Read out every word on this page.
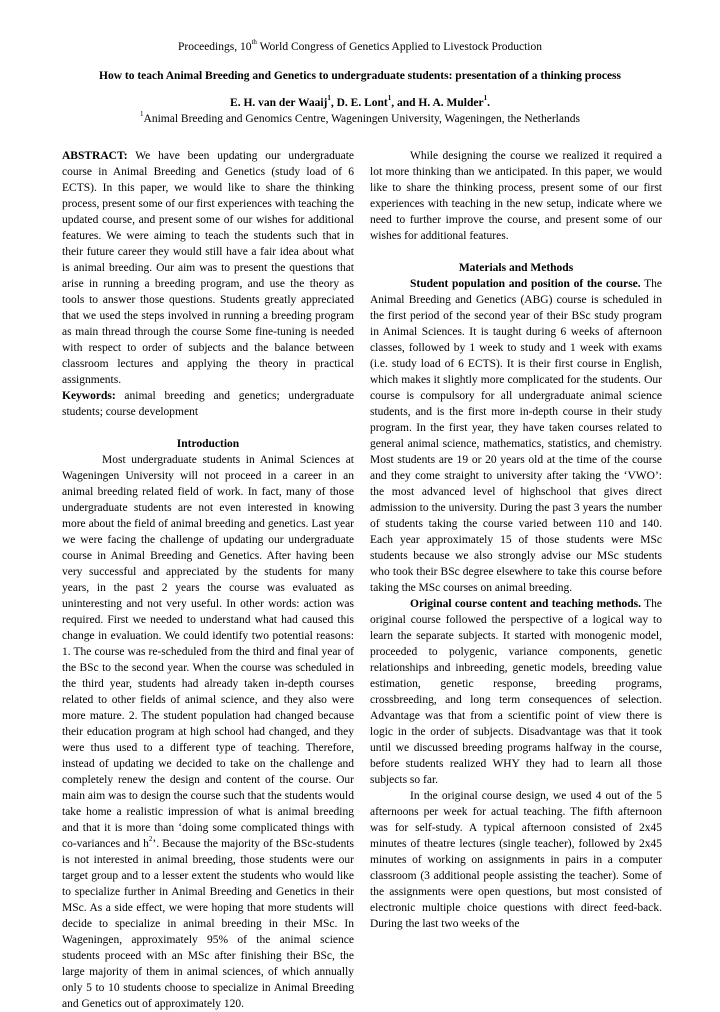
Proceedings, 10th World Congress of Genetics Applied to Livestock Production
How to teach Animal Breeding and Genetics to undergraduate students: presentation of a thinking process
E. H. van der Waaij$^1$, D. E. Lont$^1$, and H. A. Mulder$^1$.
$^1$Animal Breeding and Genomics Centre, Wageningen University, Wageningen, the Netherlands

ABSTRACT: We have been updating our undergraduate course in Animal Breeding and Genetics (study load of 6 ECTS). In this paper, we would like to share the thinking process, present some of our first experiences with teaching the updated course, and present some of our wishes for additional features. We were aiming to teach the students such that in their future career they would still have a fair idea about what is animal breeding. Our aim was to present the questions that arise in running a breeding program, and use the theory as tools to answer those questions. Students greatly appreciated that we used the steps involved in running a breeding program as main thread through the course Some fine-tuning is needed with respect to order of subjects and the balance between classroom lectures and applying the theory in practical assignments.

Keywords: animal breeding and genetics; undergraduate students; course development

Introduction

Most undergraduate students in Animal Sciences at Wageningen University will not proceed in a career in an animal breeding related field of work. In fact, many of those undergraduate students are not even interested in knowing more about the field of animal breeding and genetics. Last year we were facing the challenge of updating our undergraduate course in Animal Breeding and Genetics. After having been very successful and appreciated by the students for many years, in the past 2 years the course was evaluated as uninteresting and not very useful. In other words: action was required. First we needed to understand what had caused this change in evaluation. We could identify two potential reasons: 1. The course was re-scheduled from the third and final year of the BSc to the second year. When the course was scheduled in the third year, students had already taken in-depth courses related to other fields of animal science, and they also were more mature. 2. The student population had changed because their education program at high school had changed, and they were thus used to a different type of teaching. Therefore, instead of updating we decided to take on the challenge and completely renew the design and content of the course. Our main aim was to design the course such that the students would take home a realistic impression of what is animal breeding and that it is more than ‘doing some complicated things with co-variances and $h^2$’. Because the majority of the BSc-students is not interested in animal breeding, those students were our target group and to a lesser extent the students who would like to specialize further in Animal Breeding and Genetics in their MSc. As a side effect, we were hoping that more students will decide to specialize in animal breeding in their MSc. In Wageningen, approximately 95% of the animal science students proceed with an MSc after finishing their BSc, the large majority of them in animal sciences, of which annually only 5 to 10 students choose to specialize in Animal Breeding and Genetics out of approximately 120.

While designing the course we realized it required a lot more thinking than we anticipated. In this paper, we would like to share the thinking process, present some of our first experiences with teaching in the new setup, indicate where we need to further improve the course, and present some of our wishes for additional features.

Materials and Methods

Student population and position of the course. The Animal Breeding and Genetics (ABG) course is scheduled in the first period of the second year of their BSc study program in Animal Sciences. It is taught during 6 weeks of afternoon classes, followed by 1 week to study and 1 week with exams (i.e. study load of 6 ECTS). It is their first course in English, which makes it slightly more complicated for the students. Our course is compulsory for all undergraduate animal science students, and is the first more in-depth course in their study program. In the first year, they have taken courses related to general animal science, mathematics, statistics, and chemistry. Most students are 19 or 20 years old at the time of the course and they come straight to university after taking the ‘VWO’: the most advanced level of highschool that gives direct admission to the university. During the past 3 years the number of students taking the course varied between 110 and 140. Each year approximately 15 of those students were MSc students because we also strongly advise our MSc students who took their BSc degree elsewhere to take this course before taking the MSc courses on animal breeding.

Original course content and teaching methods. The original course followed the perspective of a logical way to learn the separate subjects. It started with monogenic model, proceeded to polygenic, variance components, genetic relationships and inbreeding, genetic models, breeding value estimation, genetic response, breeding programs, crossbreeding, and long term consequences of selection. Advantage was that from a scientific point of view there is logic in the order of subjects. Disadvantage was that it took until we discussed breeding programs halfway in the course, before students realized WHY they had to learn all those subjects so far.

In the original course design, we used 4 out of the 5 afternoons per week for actual teaching. The fifth afternoon was for self-study. A typical afternoon consisted of 2x45 minutes of theatre lectures (single teacher), followed by 2x45 minutes of working on assignments in pairs in a computer classroom (3 additional people assisting the teacher). Some of the assignments were open questions, but most consisted of electronic multiple choice questions with direct feed-back. During the last two weeks of the
